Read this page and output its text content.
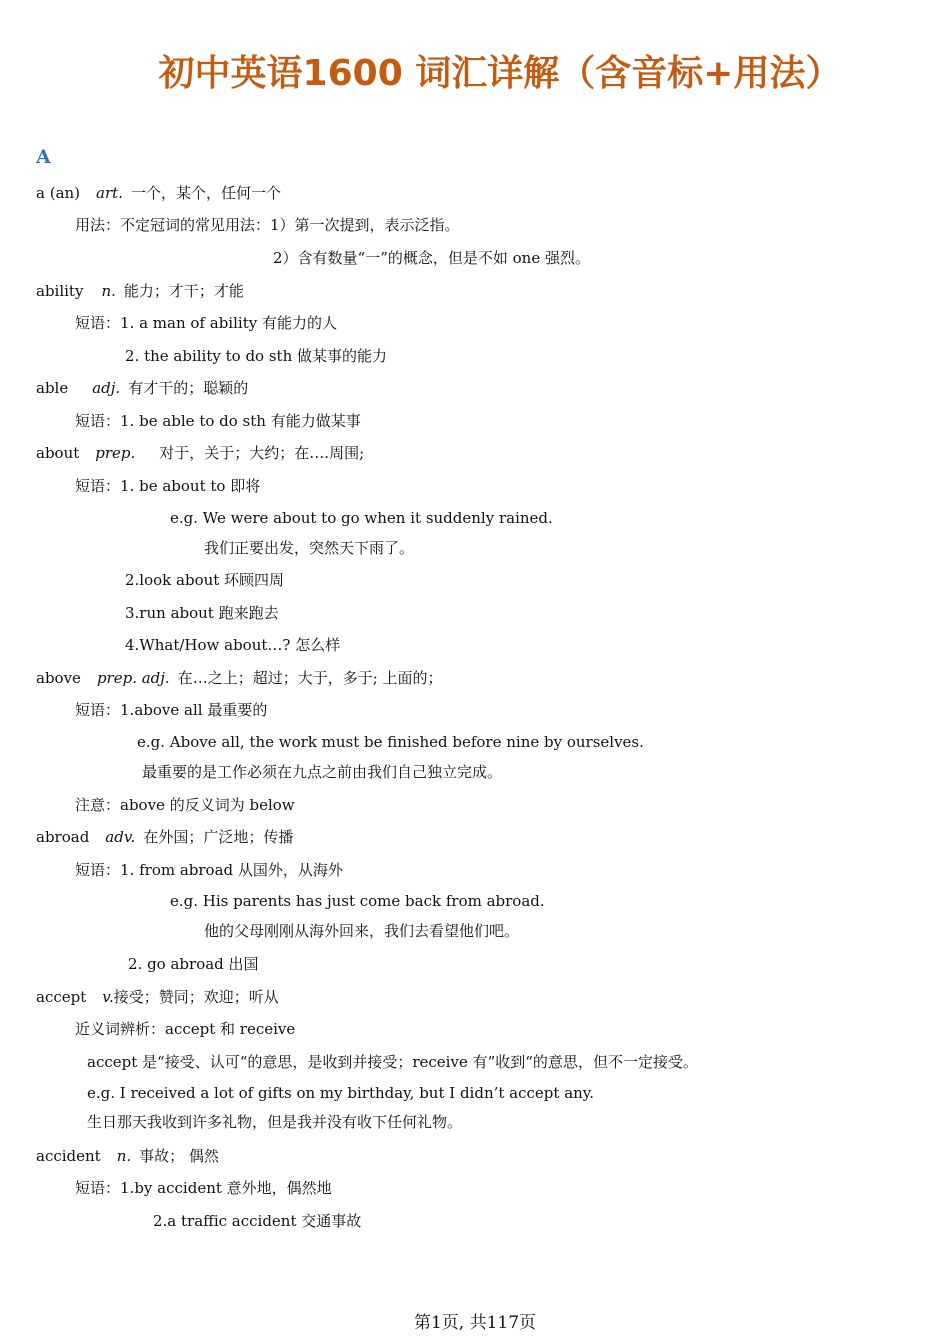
初中英语1600 词汇详解（含音标+用法）
A
a (an) art. 一个，某个，任何一个
用法：不定冠词的常见用法：1）第一次提到，表示泛指。
2）含有数量“一”的概念，但是不如 one 强烈。
ability n. 能力；才干；才能
短语：1. a man of ability 有能力的人
2. the ability to do sth 做某事的能力
able adj. 有才干的；聪颖的
短语：1. be able to do sth 有能力做某事
about prep. 对于，关于；大约；在….周围;
短语：1. be about to 即将
e.g. We were about to go when it suddenly rained.
我们正要出发，突然天下雨了。
2.look about 环顾四周
3.run about 跑来跑去
4.What/How about…? 怎么样
above prep. adj. 在…之上；超过；大于，多于; 上面的；
短语：1.above all 最重要的
e.g. Above all, the work must be finished before nine by ourselves.
最重要的是工作必须在九点之前由我们自己独立完成。
注意：above 的反义词为 below
abroad adv. 在外国；广泛地；传播
短语：1. from abroad 从国外，从海外
e.g. His parents has just come back from abroad.
他的父母刚刚从海外回来，我们去看望他们吧。
2. go abroad 出国
accept v.接受；赞同；欢迎；听从
近义词辨析：accept 和 receive
accept 是“接受、认可“的意思，是收到并接受；receive 有”收到“的意思，但不一定接受。
e.g. I received a lot of gifts on my birthday, but I didn’t accept any.
生日那天我收到许多礼物，但是我并没有收下任何礼物。
accident n. 事故； 偶然
短语：1.by accident 意外地，偶然地
2.a traffic accident 交通事故
第1页, 共117页
